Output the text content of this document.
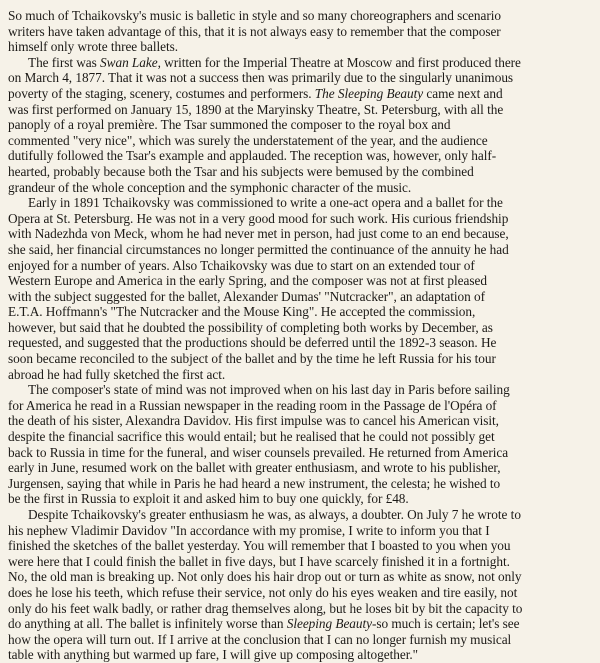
So much of Tchaikovsky's music is balletic in style and so many choreographers and scenario
writers have taken advantage of this, that it is not always easy to remember that the composer
himself only wrote three ballets.
The first was Swan Lake, written for the Imperial Theatre at Moscow and first produced there
on March 4, 1877. That it was not a success then was primarily due to the singularly unanimous
poverty of the staging, scenery, costumes and performers. The Sleeping Beauty came next and
was first performed on January 15, 1890 at the Maryinsky Theatre, St. Petersburg, with all the
panoply of a royal première. The Tsar summoned the composer to the royal box and
commented "very nice", which was surely the understatement of the year, and the audience
dutifully followed the Tsar's example and applauded. The reception was, however, only half-
hearted, probably because both the Tsar and his subjects were bemused by the combined
grandeur of the whole conception and the symphonic character of the music.
Early in 1891 Tchaikovsky was commissioned to write a one-act opera and a ballet for the
Opera at St. Petersburg. He was not in a very good mood for such work. His curious friendship
with Nadezhda von Meck, whom he had never met in person, had just come to an end because,
she said, her financial circumstances no longer permitted the continuance of the annuity he had
enjoyed for a number of years. Also Tchaikovsky was due to start on an extended tour of
Western Europe and America in the early Spring, and the composer was not at first pleased
with the subject suggested for the ballet, Alexander Dumas' "Nutcracker", an adaptation of
E.T.A. Hoffmann's "The Nutcracker and the Mouse King". He accepted the commission,
however, but said that he doubted the possibility of completing both works by December, as
requested, and suggested that the productions should be deferred until the 1892-3 season. He
soon became reconciled to the subject of the ballet and by the time he left Russia for his tour
abroad he had fully sketched the first act.
The composer's state of mind was not improved when on his last day in Paris before sailing
for America he read in a Russian newspaper in the reading room in the Passage de l'Opéra of
the death of his sister, Alexandra Davidov. His first impulse was to cancel his American visit,
despite the financial sacrifice this would entail; but he realised that he could not possibly get
back to Russia in time for the funeral, and wiser counsels prevailed. He returned from America
early in June, resumed work on the ballet with greater enthusiasm, and wrote to his publisher,
Jurgensen, saying that while in Paris he had heard a new instrument, the celesta; he wished to
be the first in Russia to exploit it and asked him to buy one quickly, for £48.
Despite Tchaikovsky's greater enthusiasm he was, as always, a doubter. On July 7 he wrote to
his nephew Vladimir Davidov "In accordance with my promise, I write to inform you that I
finished the sketches of the ballet yesterday. You will remember that I boasted to you when you
were here that I could finish the ballet in five days, but I have scarcely finished it in a fortnight.
No, the old man is breaking up. Not only does his hair drop out or turn as white as snow, not only
does he lose his teeth, which refuse their service, not only do his eyes weaken and tire easily, not
only do his feet walk badly, or rather drag themselves along, but he loses bit by bit the capacity to
do anything at all. The ballet is infinitely worse than Sleeping Beauty-so much is certain; let's see
how the opera will turn out. If I arrive at the conclusion that I can no longer furnish my musical
table with anything but warmed up fare, I will give up composing altogether."
